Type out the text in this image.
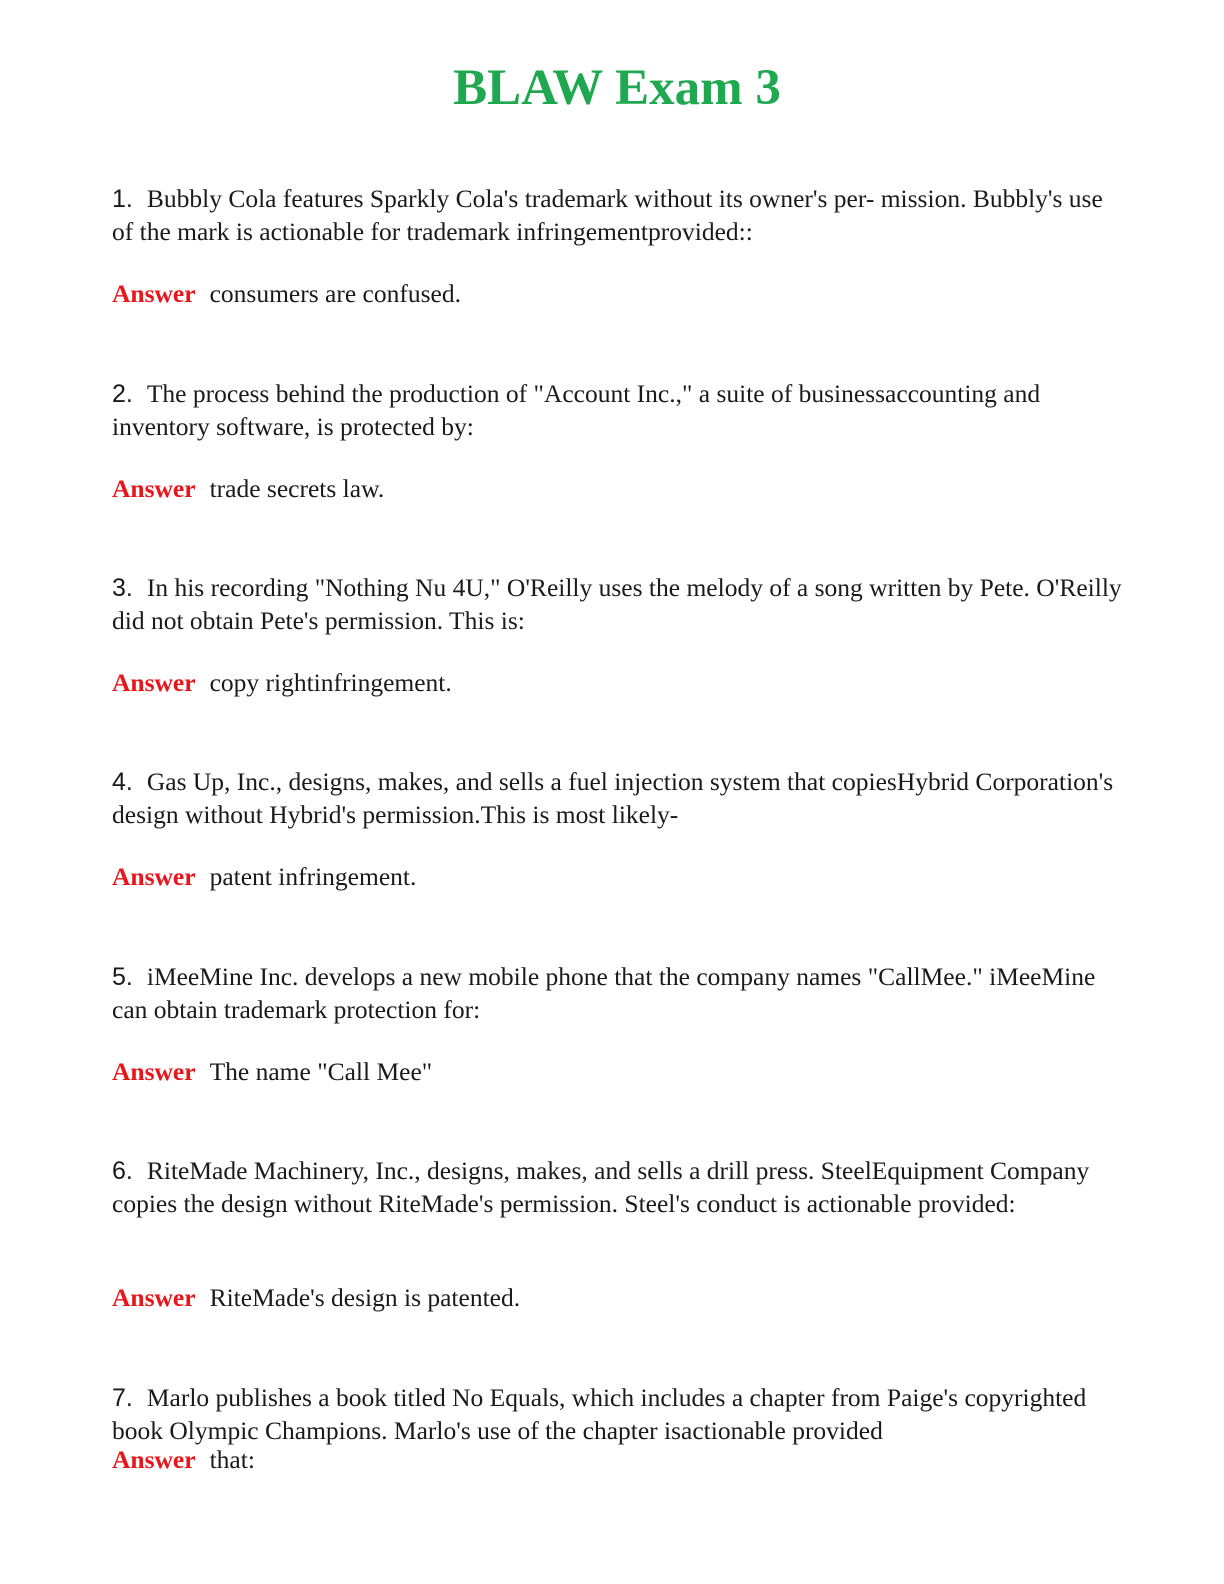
BLAW Exam 3
1. Bubbly Cola features Sparkly Cola's trademark without its owner's per- mission. Bubbly's use of the mark is actionable for trademark infringementprovided::
Answer consumers are confused.
2. The process behind the production of "Account Inc.," a suite of businessaccounting and inventory software, is protected by:
Answer trade secrets law.
3. In his recording "Nothing Nu 4U," O'Reilly uses the melody of a song written by Pete. O'Reilly did not obtain Pete's permission. This is:
Answer copy rightinfringement.
4. Gas Up, Inc., designs, makes, and sells a fuel injection system that copiesHybrid Corporation's design without Hybrid's permission.This is most likely-
Answer patent infringement.
5. iMeeMine Inc. develops a new mobile phone that the company names "CallMee." iMeeMine can obtain trademark protection for:
Answer The name "Call Mee"
6. RiteMade Machinery, Inc., designs, makes, and sells a drill press. SteelEquipment Company copies the design without RiteMade's permission. Steel's conduct is actionable provided:
Answer RiteMade's design is patented.
7. Marlo publishes a book titled No Equals, which includes a chapter from Paige's copyrighted book Olympic Champions. Marlo's use of the chapter isactionable provided
Answer that:
